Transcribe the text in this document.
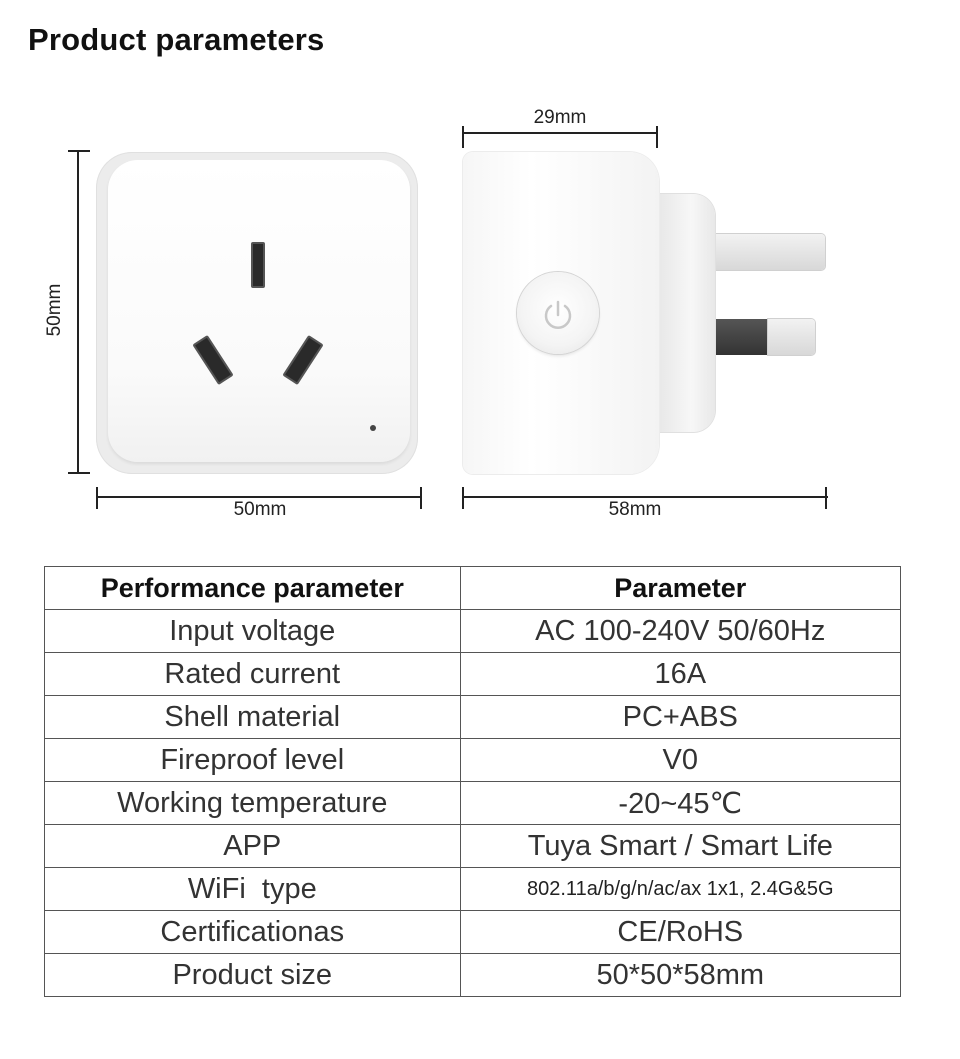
Product parameters
50mm
50mm
29mm
58mm
Performance parameter	Parameter
Input voltage	AC 100-240V 50/60Hz
Rated current	16A
Shell material	PC+ABS
Fireproof level	V0
Working temperature	-20~45℃
APP	Tuya Smart / Smart Life
WiFi  type	802.11a/b/g/n/ac/ax 1x1, 2.4G&5G
Certificationas	CE/RoHS
Product size	50*50*58mm
